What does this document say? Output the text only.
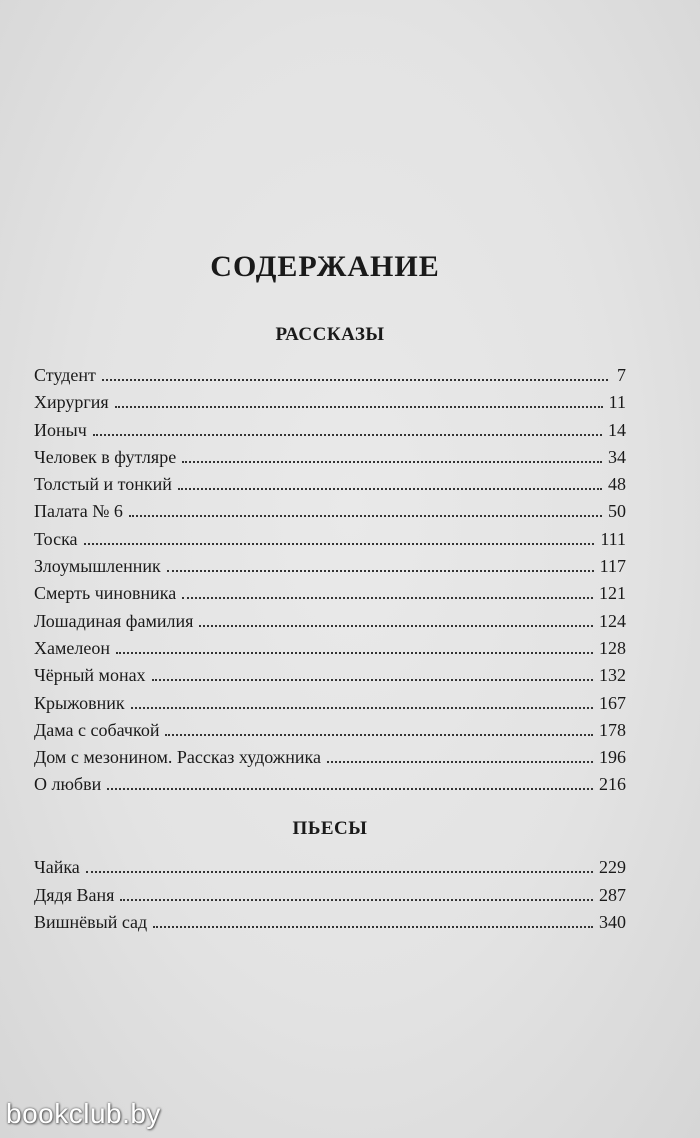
СОДЕРЖАНИЕ
РАССКАЗЫ
Студент	7
Хирургия	11
Ионыч	14
Человек в футляре	34
Толстый и тонкий	48
Палата № 6	50
Тоска	111
Злоумышленник	117
Смерть чиновника	121
Лошадиная фамилия	124
Хамелеон	128
Чёрный монах	132
Крыжовник	167
Дама с собачкой	178
Дом с мезонином. Рассказ художника	196
О любви	216
ПЬЕСЫ
Чайка	229
Дядя Ваня	287
Вишнёвый сад	340
bookclub.by
